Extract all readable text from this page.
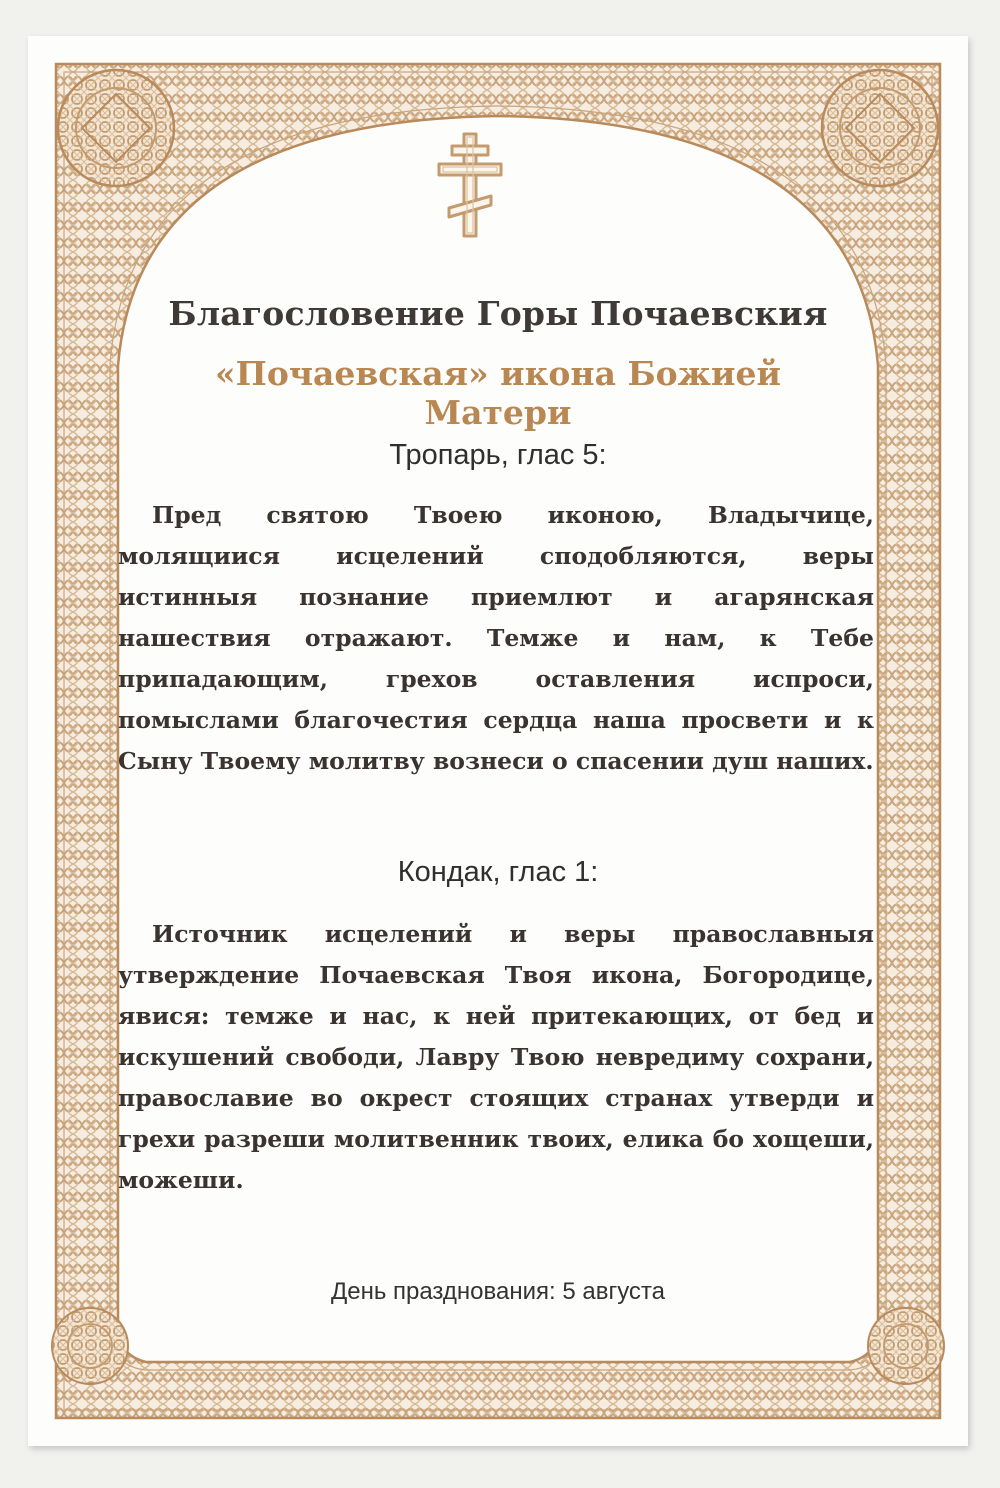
Благословение Горы Почаевския
«Почаевская» икона Божией Матери
Тропарь, глас 5:

Пред святою Твоею иконою, Владычице, молящиися исцелений сподобляются, веры истинныя познание приемлют и агарянская нашествия отражают. Темже и нам, к Тебе припадающим, грехов оставления испроси, помыслами благочестия сердца наша просвети и к Сыну Твоему молитву вознеси о спасении душ наших.

Кондак, глас 1:

Источник исцелений и веры православныя утверждение Почаевская Твоя икона, Богородице, явися: темже и нас, к ней притекающих, от бед и искушений свободи, Лавру Твою невредиму сохрани, православие во окрест стоящих странах утверди и грехи разреши молитвенник твоих, елика бо хощеши, можеши.

День празднования: 5 августа
